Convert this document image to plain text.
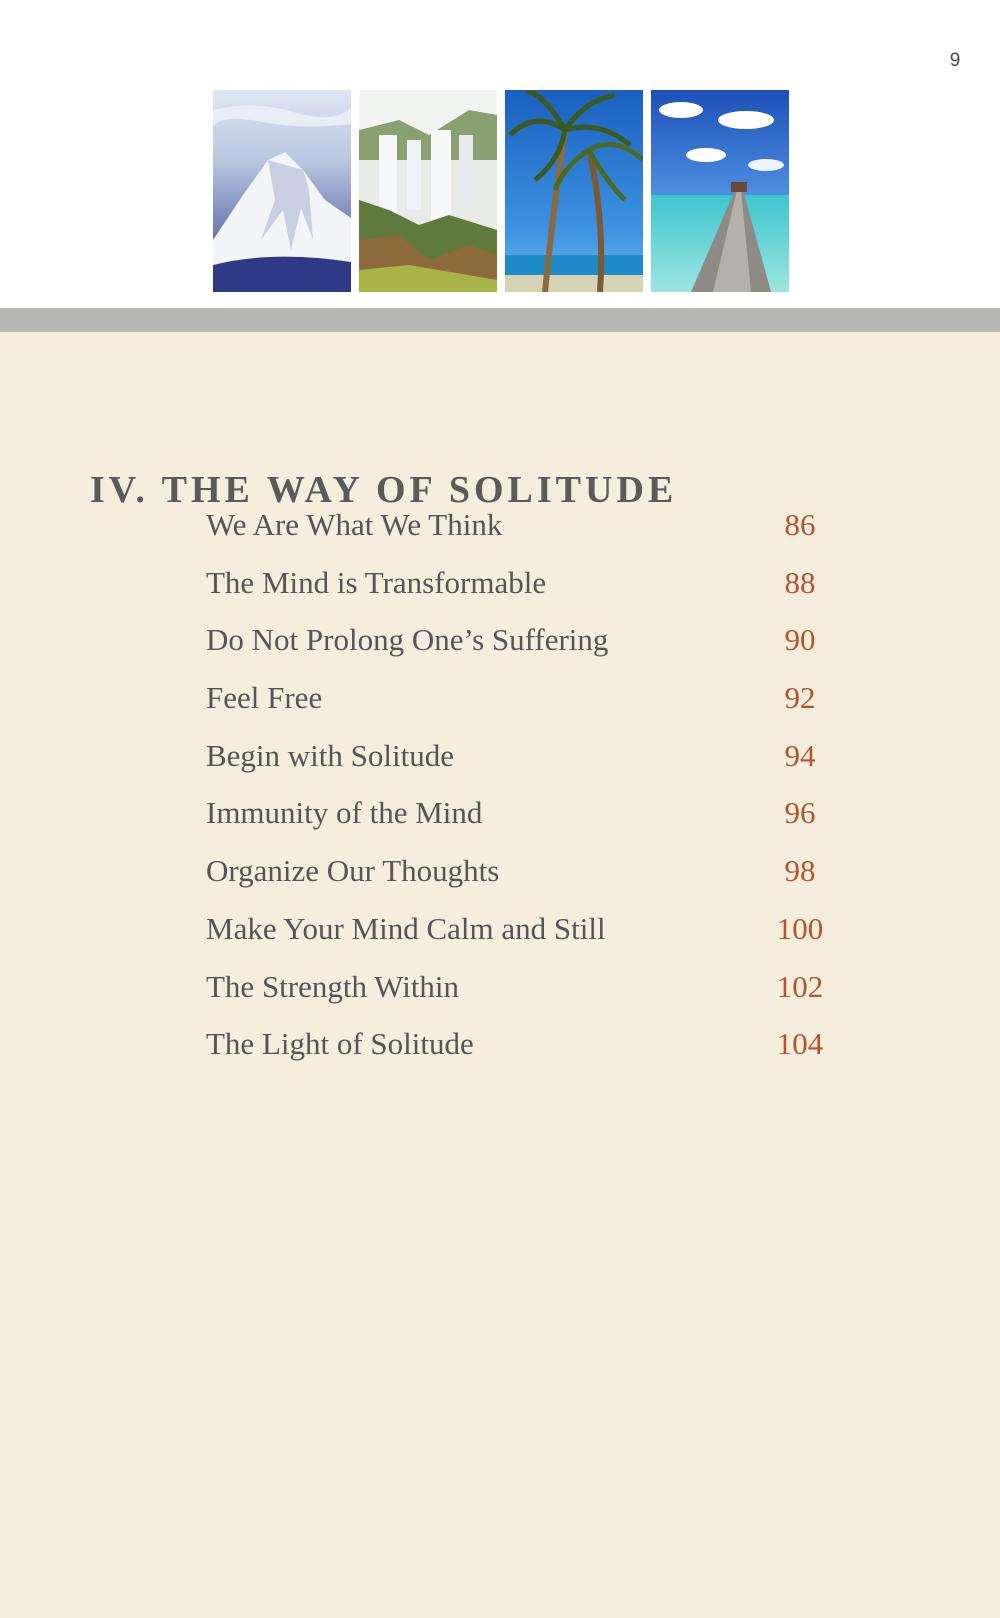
9
IV. THE WAY OF SOLITUDE
We Are What We Think	86
The Mind is Transformable	88
Do Not Prolong One’s Suffering	90
Feel Free	92
Begin with Solitude	94
Immunity of the Mind	96
Organize Our Thoughts	98
Make Your Mind Calm and Still	100
The Strength Within	102
The Light of Solitude	104
